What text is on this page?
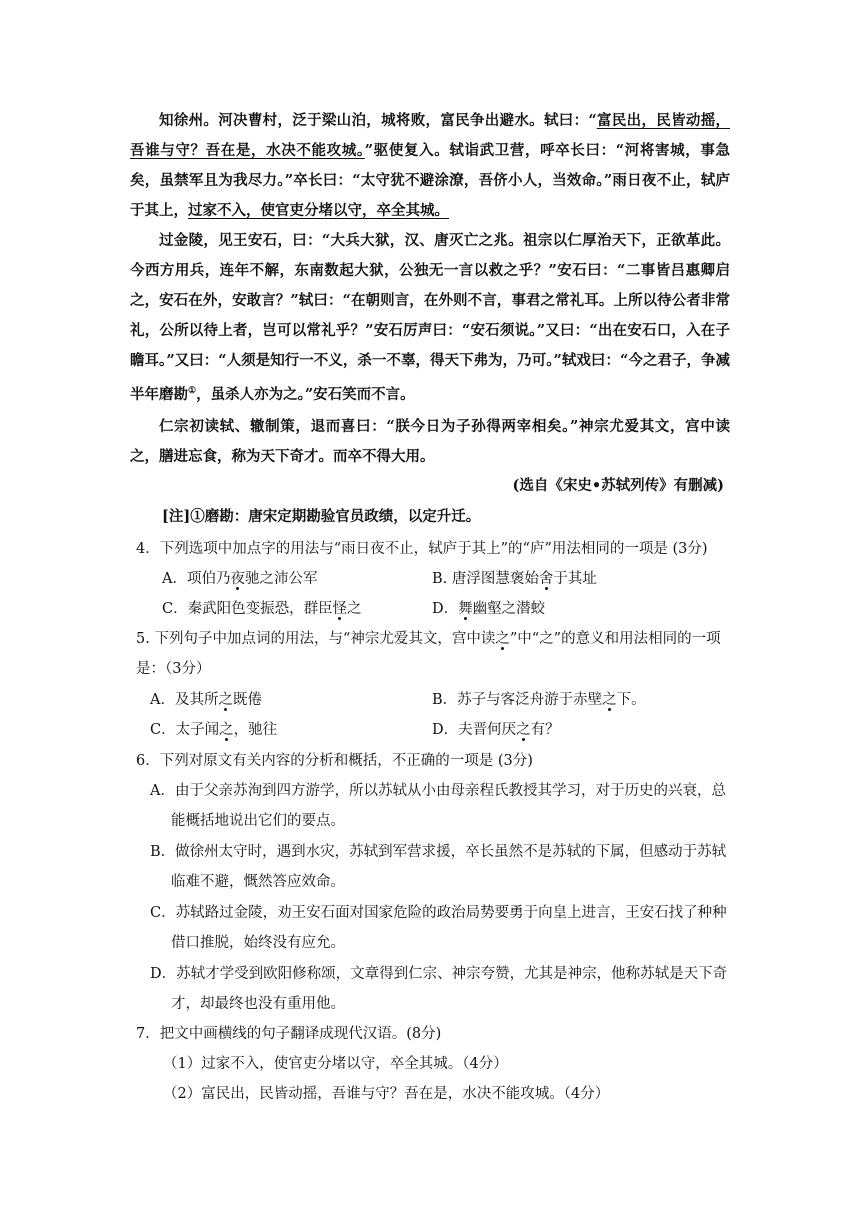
知徐州。河决曹村，泛于梁山泊，城将败，富民争出避水。轼曰：“富民出，民皆动摇，吾谁与守？吾在是，水决不能攻城。”驱使复入。轼诣武卫营，呼卒长曰：“河将害城，事急矣，虽禁军且为我尽力。”卒长曰：“太守犹不避涂潦，吾侪小人，当效命。”雨日夜不止，轼庐于其上，过家不入，使官吏分堵以守，卒全其城。

过金陵，见王安石，曰：“大兵大狱，汉、唐灭亡之兆。祖宗以仁厚治天下，正欲革此。今西方用兵，连年不解，东南数起大狱，公独无一言以救之乎？”安石曰：“二事皆吕惠卿启之，安石在外，安敢言？”轼曰：“在朝则言，在外则不言，事君之常礼耳。上所以待公者非常礼，公所以待上者，岂可以常礼乎？”安石厉声曰：“安石须说。”又曰：“出在安石口，入在子瞻耳。”又曰：“人须是知行一不义，杀一不辜，得天下弗为，乃可。”轼戏曰：“今之君子，争减半年磨勘①，虽杀人亦为之。”安石笑而不言。

仁宗初读轼、辙制策，退而喜曰：“朕今日为子孙得两宰相矣。”神宗尤爱其文，宫中读之，膳进忘食，称为天下奇才。而卒不得大用。

(选自《宋史•苏轼列传》有删减)
[注]①磨勘：唐宋定期勘验官员政绩，以定升迁。

4．下列选项中加点字的用法与“雨日夜不止，轼庐于其上”的“庐”用法相同的一项是 (3分)

A．项伯乃夜驰之沛公军	B. 唐浮图慧褒始舍于其址
C．秦武阳色变振恐，群臣怪之	D．舞幽壑之潜蛟

5. 下列句子中加点词的用法，与“神宗尤爱其文，宫中读之”中“之”的意义和用法相同的一项是：（3分）

A．及其所之既倦	B．苏子与客泛舟游于赤壁之下。
C．太子闻之，驰往	D．夫晋何厌之有？

6．下列对原文有关内容的分析和概括，不正确的一项是 (3分)

A．由于父亲苏洵到四方游学，所以苏轼从小由母亲程氏教授其学习，对于历史的兴衰，总能概括地说出它们的要点。

B．做徐州太守时，遇到水灾，苏轼到军营求援，卒长虽然不是苏轼的下属，但感动于苏轼临难不避，慨然答应效命。

C．苏轼路过金陵，劝王安石面对国家危险的政治局势要勇于向皇上进言，王安石找了种种借口推脱，始终没有应允。

D．苏轼才学受到欧阳修称颂，文章得到仁宗、神宗夸赞，尤其是神宗，他称苏轼是天下奇才，却最终也没有重用他。

7．把文中画横线的句子翻译成现代汉语。(8分)

（1）过家不入，使官吏分堵以守，卒全其城。（4分）
（2）富民出，民皆动摇，吾谁与守？吾在是，水决不能攻城。（4分）
